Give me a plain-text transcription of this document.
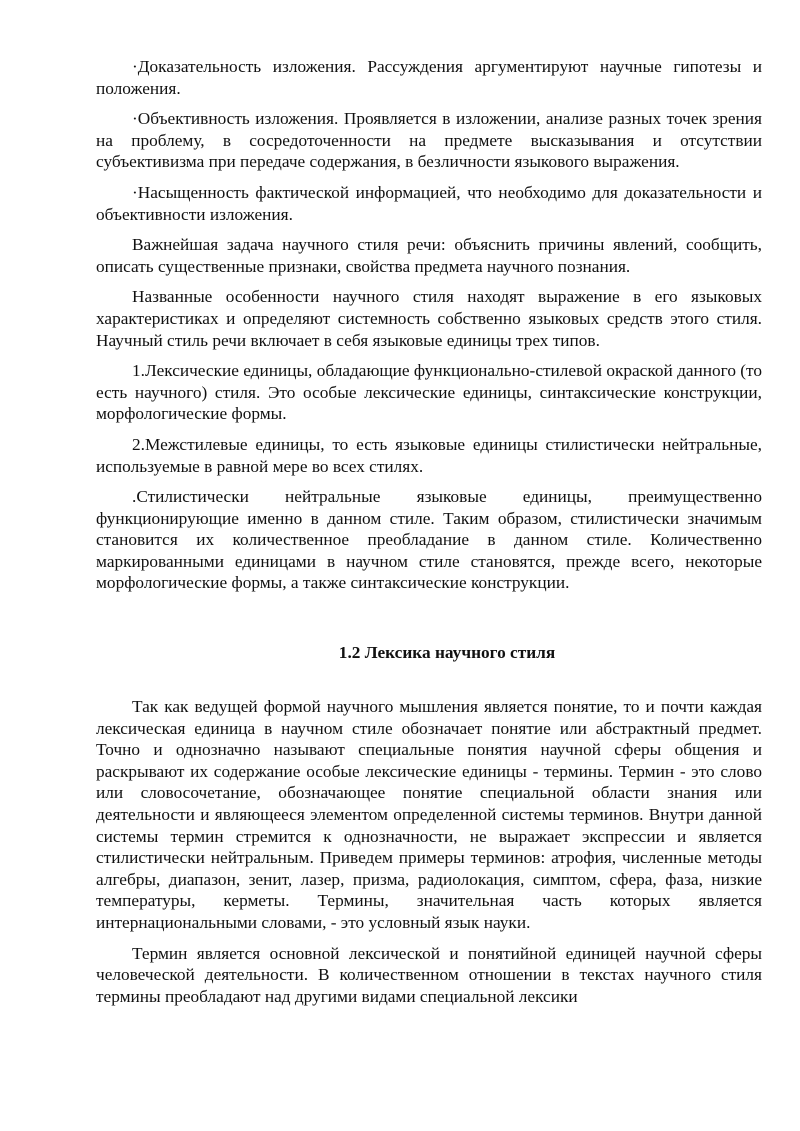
·Доказательность изложения. Рассуждения аргументируют научные гипотезы и положения.

·Объективность изложения. Проявляется в изложении, анализе разных точек зрения на проблему, в сосредоточенности на предмете высказывания и отсутствии субъективизма при передаче содержания, в безличности языкового выражения.

·Насыщенность фактической информацией, что необходимо для доказательности и объективности изложения.

Важнейшая задача научного стиля речи: объяснить причины явлений, сообщить, описать существенные признаки, свойства предмета научного познания.

Названные особенности научного стиля находят выражение в его языковых характеристиках и определяют системность собственно языковых средств этого стиля. Научный стиль речи включает в себя языковые единицы трех типов.

1.Лексические единицы, обладающие функционально-стилевой окраской данного (то есть научного) стиля. Это особые лексические единицы, синтаксические конструкции, морфологические формы.

2.Межстилевые единицы, то есть языковые единицы стилистически нейтральные, используемые в равной мере во всех стилях.

.Стилистически нейтральные языковые единицы, преимущественно функционирующие именно в данном стиле. Таким образом, стилистически значимым становится их количественное преобладание в данном стиле. Количественно маркированными единицами в научном стиле становятся, прежде всего, некоторые морфологические формы, а также синтаксические конструкции.

1.2 Лексика научного стиля

Так как ведущей формой научного мышления является понятие, то и почти каждая лексическая единица в научном стиле обозначает понятие или абстрактный предмет. Точно и однозначно называют специальные понятия научной сферы общения и раскрывают их содержание особые лексические единицы - термины. Термин - это слово или словосочетание, обозначающее понятие специальной области знания или деятельности и являющееся элементом определенной системы терминов. Внутри данной системы термин стремится к однозначности, не выражает экспрессии и является стилистически нейтральным. Приведем примеры терминов: атрофия, численные методы алгебры, диапазон, зенит, лазер, призма, радиолокация, симптом, сфера, фаза, низкие температуры, керметы. Термины, значительная часть которых является интернациональными словами, - это условный язык науки.

Термин является основной лексической и понятийной единицей научной сферы человеческой деятельности. В количественном отношении в текстах научного стиля термины преобладают над другими видами специальной лексики
